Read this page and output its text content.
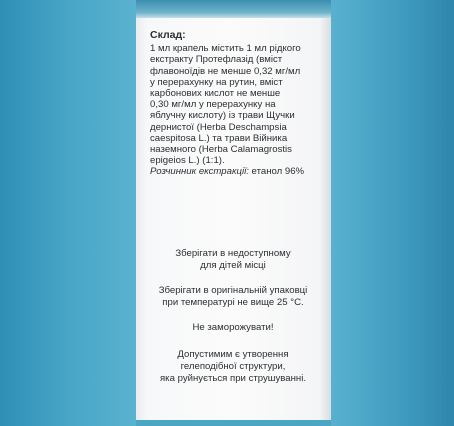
Склад:
1 мл крапель містить 1 мл рідкого
екстракту Протефлазід (вміст
флавоноїдів не менше 0,32 мг/мл
у перерахунку на рутин, вміст
карбонових кислот не менше
0,30 мг/мл у перерахунку на
яблучну кислоту) із трави Щучки
дернистої (Herba Deschampsia
caespitosa L.) та трави Війника
наземного (Herba Calamagrostis
epigeios L.) (1:1).
Розчинник екстракції: етанол 96%
Зберігати в недоступному
для дітей місці
Зберігати в оригінальній упаковці
при температурі не вище 25 °С.
Не заморожувати!
Допустимим є утворення
гелеподібної структури,
яка руйнується при струшуванні.
